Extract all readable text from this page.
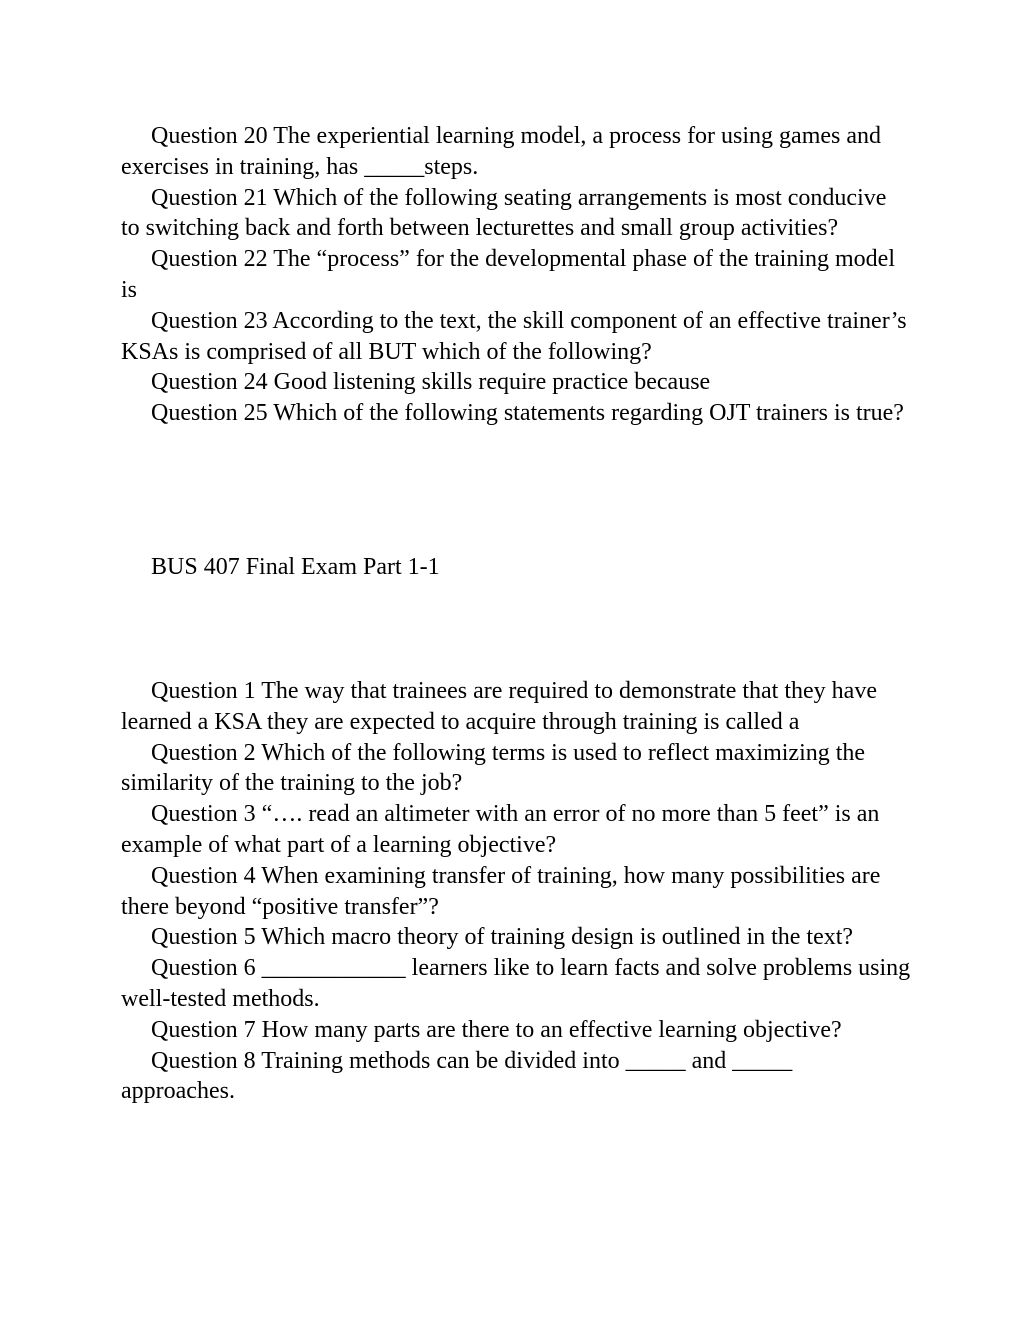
Question 20 The experiential learning model, a process for using games and exercises in training, has _____steps.

Question 21 Which of the following seating arrangements is most conducive to switching back and forth between lecturettes and small group activities?

Question 22 The “process” for the developmental phase of the training model is

Question 23 According to the text, the skill component of an effective trainer’s KSAs is comprised of all BUT which of the following?

Question 24 Good listening skills require practice because

Question 25 Which of the following statements regarding OJT trainers is true?

BUS 407 Final Exam Part 1-1

Question 1 The way that trainees are required to demonstrate that they have learned a KSA they are expected to acquire through training is called a

Question 2 Which of the following terms is used to reflect maximizing the similarity of the training to the job?

Question 3 “…. read an altimeter with an error of no more than 5 feet” is an example of what part of a learning objective?

Question 4 When examining transfer of training, how many possibilities are there beyond “positive transfer”?

Question 5 Which macro theory of training design is outlined in the text?

Question 6 ____________ learners like to learn facts and solve problems using well-tested methods.

Question 7 How many parts are there to an effective learning objective?

Question 8 Training methods can be divided into _____ and _____ approaches.
